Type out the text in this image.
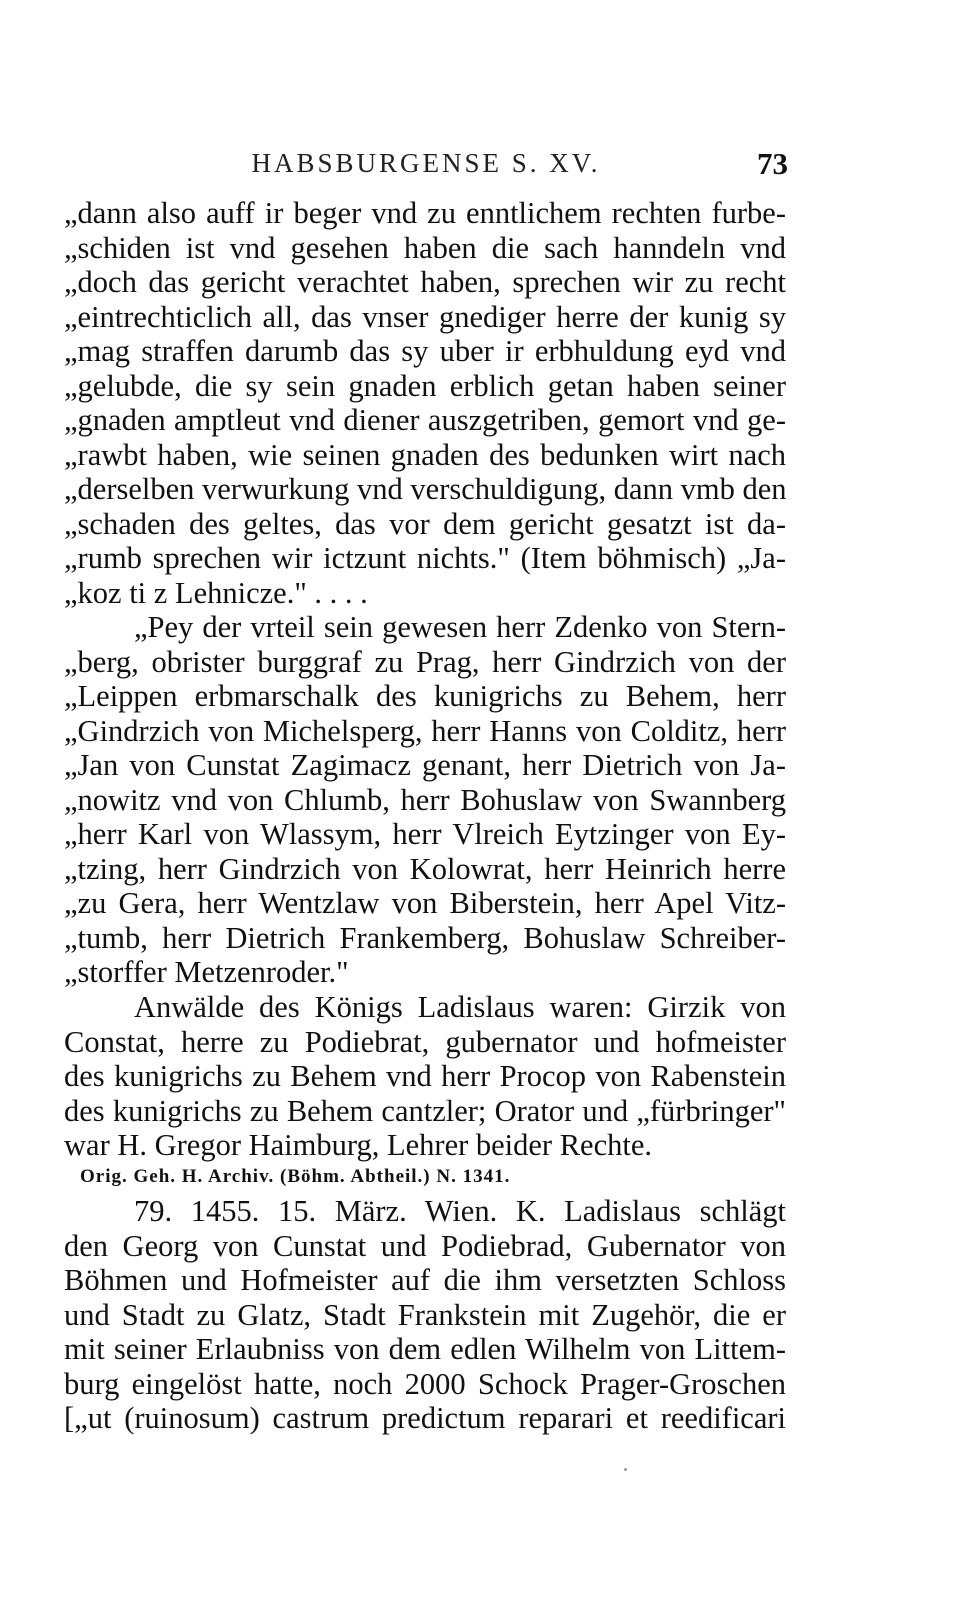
HABSBURGENSE S. XV.	73
„dann also auff ir beger vnd zu enntlichem rechten furbe-
„schiden ist vnd gesehen haben die sach hanndeln vnd
„doch das gericht verachtet haben, sprechen wir zu recht
„eintrechticlich all, das vnser gnediger herre der kunig sy
„mag straffen darumb das sy uber ir erbhuldung eyd vnd
„gelubde, die sy sein gnaden erblich getan haben seiner
„gnaden amptleut vnd diener auszgetriben, gemort vnd ge-
„rawbt haben, wie seinen gnaden des bedunken wirt nach
„derselben verwurkung vnd verschuldigung, dann vmb den
„schaden des geltes, das vor dem gericht gesatzt ist da-
„rumb sprechen wir ictzunt nichts." (Item böhmisch) „Ja-
„koz ti z Lehnicze." . . . .
„Pey der vrteil sein gewesen herr Zdenko von Stern-
„berg, obrister burggraf zu Prag, herr Gindrzich von der
„Leippen erbmarschalk des kunigrichs zu Behem, herr
„Gindrzich von Michelsperg, herr Hanns von Colditz, herr
„Jan von Cunstat Zagimacz genant, herr Dietrich von Ja-
„nowitz vnd von Chlumb, herr Bohuslaw von Swannberg
„herr Karl von Wlassym, herr Vlreich Eytzinger von Ey-
„tzing, herr Gindrzich von Kolowrat, herr Heinrich herre
„zu Gera, herr Wentzlaw von Biberstein, herr Apel Vitz-
„tumb, herr Dietrich Frankemberg, Bohuslaw Schreiber-
„storffer Metzenroder."
Anwälde des Königs Ladislaus waren: Girzik von
Constat, herre zu Podiebrat, gubernator und hofmeister
des kunigrichs zu Behem vnd herr Procop von Rabenstein
des kunigrichs zu Behem cantzler; Orator und „fürbringer"
war H. Gregor Haimburg, Lehrer beider Rechte.
Orig. Geh. H. Archiv. (Böhm. Abtheil.) N. 1341.
79. 1455. 15. März. Wien. K. Ladislaus schlägt
den Georg von Cunstat und Podiebrad, Gubernator von
Böhmen und Hofmeister auf die ihm versetzten Schloss
und Stadt zu Glatz, Stadt Frankstein mit Zugehör, die er
mit seiner Erlaubniss von dem edlen Wilhelm von Littem-
burg eingelöst hatte, noch 2000 Schock Prager-Groschen
[„ut (ruinosum) castrum predictum reparari et reedificari
